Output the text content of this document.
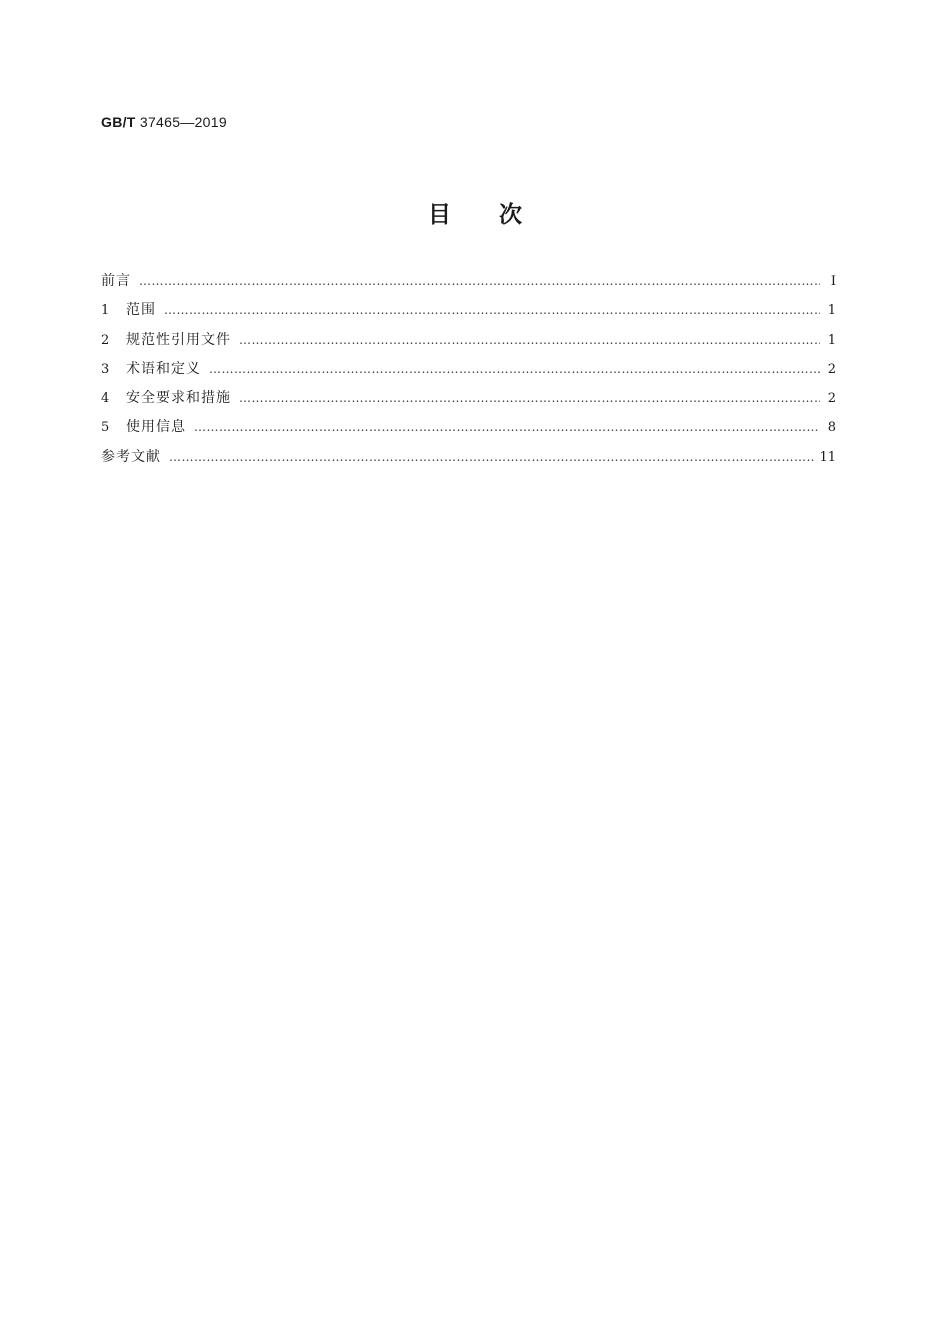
GB/T 37465—2019
目次
前言 …………………………………………………………………………………………………………………………………………………………………………………………………………………………	Ⅰ
1	范围 …………………………………………………………………………………………………………………………………………………………………………………………………………………………	1
2	规范性引用文件 …………………………………………………………………………………………………………………………………………………………………………………………………………………………	1
3	术语和定义 …………………………………………………………………………………………………………………………………………………………………………………………………………………………	2
4	安全要求和措施 …………………………………………………………………………………………………………………………………………………………………………………………………………………………	2
5	使用信息 …………………………………………………………………………………………………………………………………………………………………………………………………………………………	8
参考文献 …………………………………………………………………………………………………………………………………………………………………………………………………………………………	11
